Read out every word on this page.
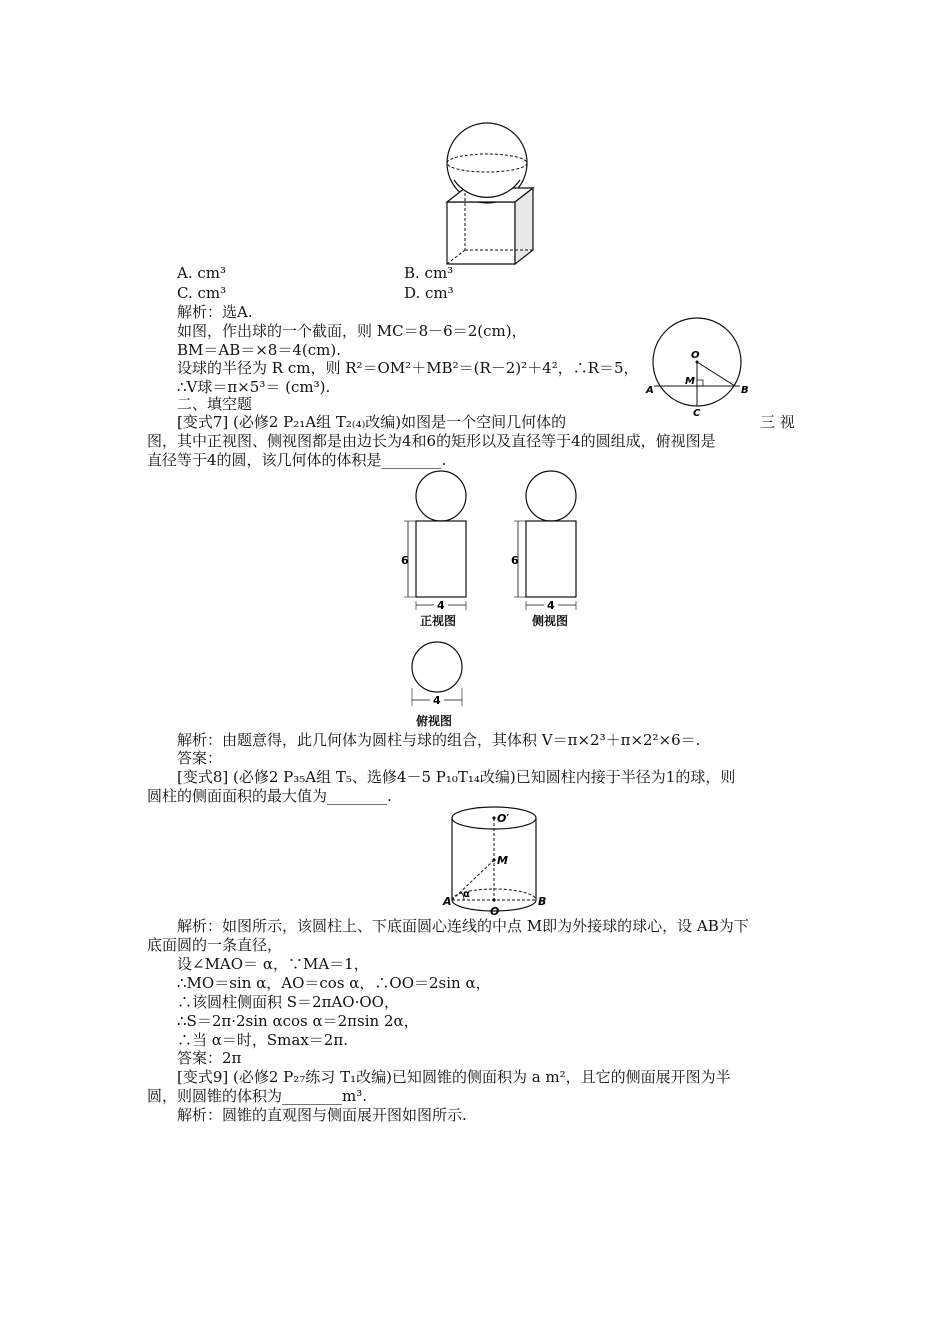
A. cm³	B. cm³
C. cm³	D. cm³
解析：选A.
如图，作出球的一个截面，则 MC＝8－6＝2(cm)，
BM＝AB＝×8＝4(cm).
设球的半径为 R cm，则 R²＝OM²＋MB²＝(R－2)²＋4²，∴R＝5，
∴V球＝π×5³＝ (cm³).
O
M
A	B
C
二、填空题
[变式7] (必修2 P₂₁A组 T₂₍₄₎改编)如图是一个空间几何体的	三 视
图，其中正视图、侧视图都是由边长为4和6的矩形以及直径等于4的圆组成，俯视图是
直径等于4的圆，该几何体的体积是________.
6
4
正视图
6
4
侧视图
4
俯视图
解析：由题意得，此几何体为圆柱与球的组合，其体积 V＝π×2³＋π×2²×6＝.
答案：
[变式8] (必修2 P₃₅A组 T₅、选修4－5 P₁₀T₁₄改编)已知圆柱内接于半径为1的球，则
圆柱的侧面面积的最大值为________.
O′
M
A	B
O
α
解析：如图所示，该圆柱上、下底面圆心连线的中点 M即为外接球的球心，设 AB为下
底面圆的一条直径，
设∠MAO＝ α，∵MA＝1，
∴MO＝sin α，AO＝cos α，∴OO＝2sin α，
∴该圆柱侧面积 S＝2πAO·OO，
∴S＝2π·2sin αcos α＝2πsin 2α，
∴当 α＝时，Smax＝2π.
答案：2π
[变式9] (必修2 P₂₇练习 T₁改编)已知圆锥的侧面积为 a m²，且它的侧面展开图为半
圆，则圆锥的体积为________m³.
解析：圆锥的直观图与侧面展开图如图所示.
